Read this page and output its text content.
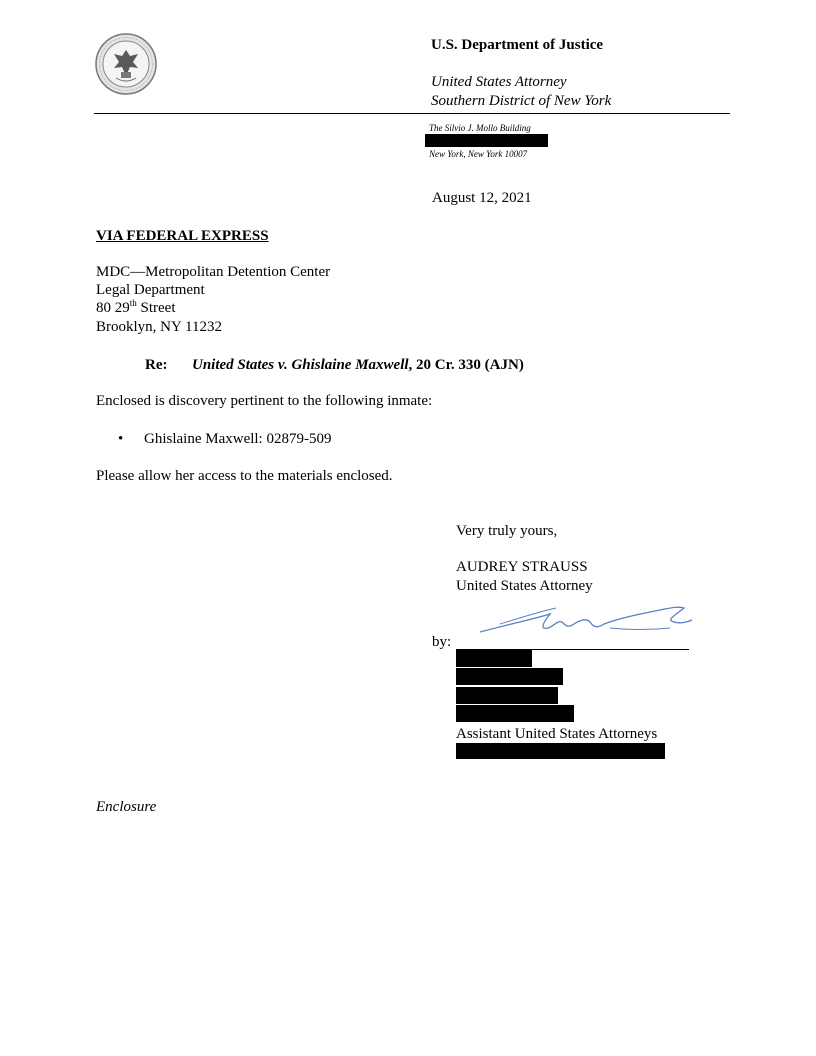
U.S. Department of Justice
United States Attorney
Southern District of New York
The Silvio J. Mollo Building
New York, New York 10007
August 12, 2021
VIA FEDERAL EXPRESS
MDC—Metropolitan Detention Center
Legal Department
80 29th Street
Brooklyn, NY 11232
Re: United States v. Ghislaine Maxwell, 20 Cr. 330 (AJN)
Enclosed is discovery pertinent to the following inmate:
• Ghislaine Maxwell: 02879-509
Please allow her access to the materials enclosed.
Very truly yours,
AUDREY STRAUSS
United States Attorney
by:
Assistant United States Attorneys
Enclosure
